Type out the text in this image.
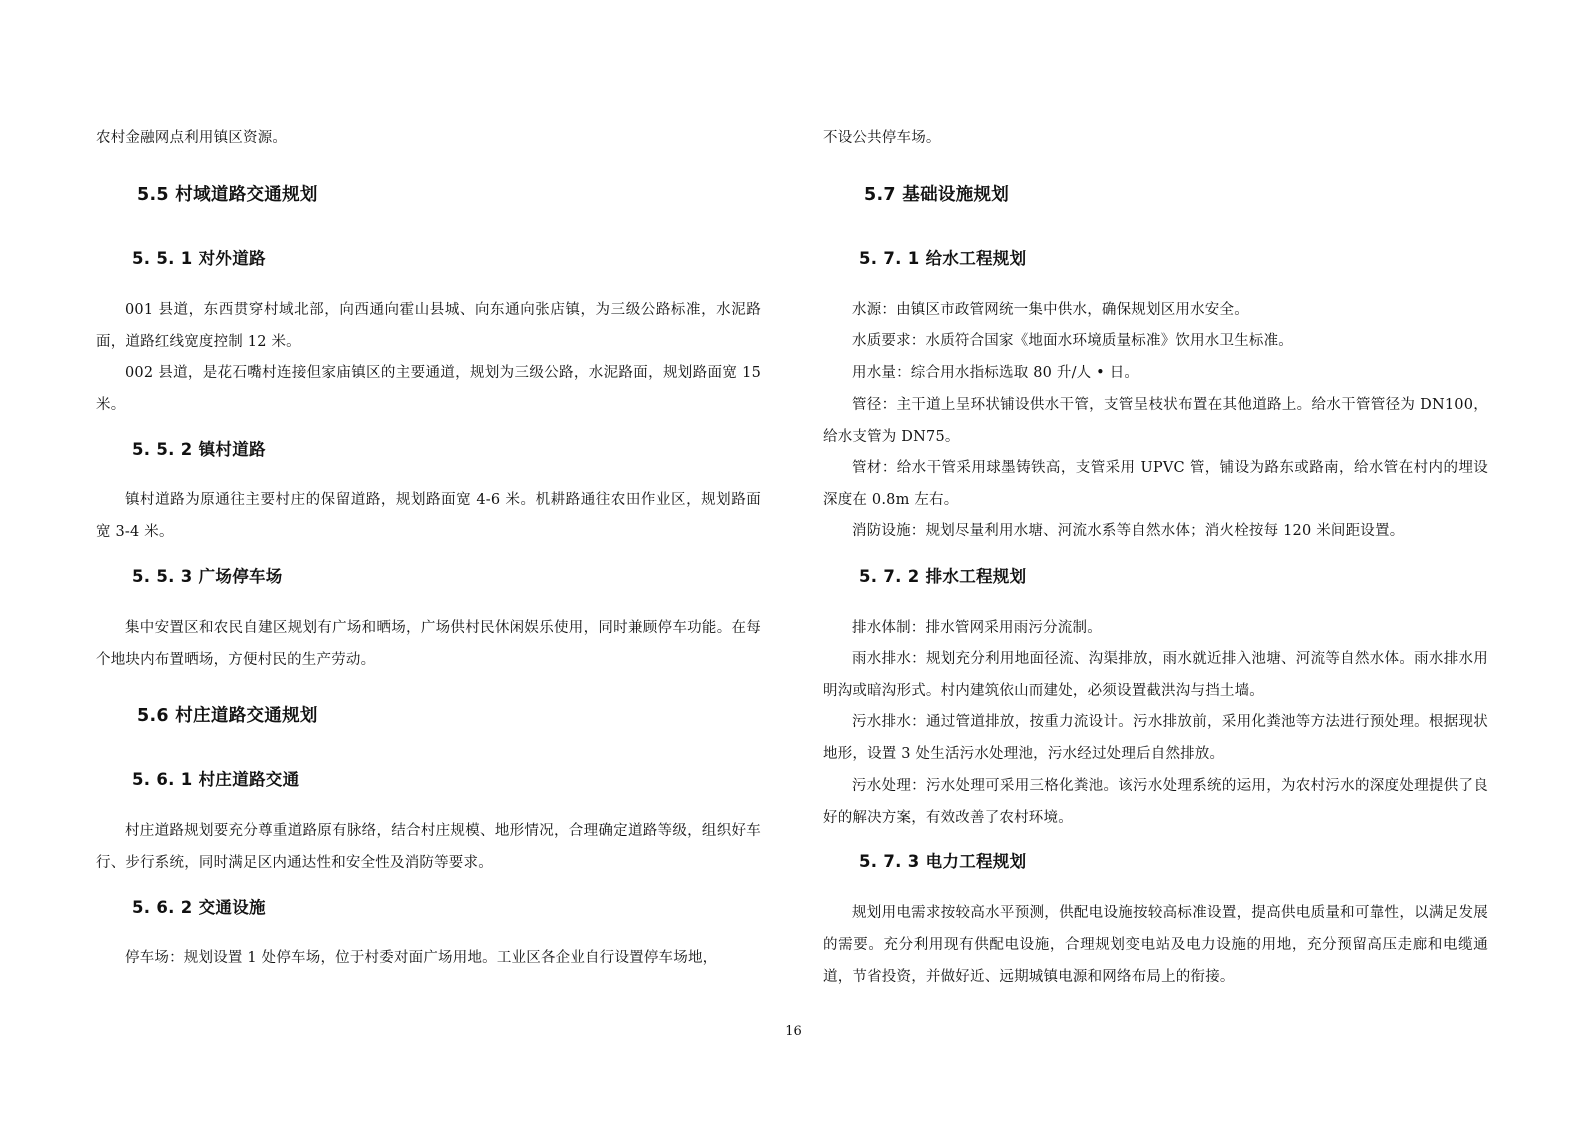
农村金融网点利用镇区资源。

5.5 村域道路交通规划
5. 5. 1 对外道路

001 县道，东西贯穿村域北部，向西通向霍山县城、向东通向张店镇，为三级公路标准，水泥路面，道路红线宽度控制 12 米。

002 县道，是花石嘴村连接但家庙镇区的主要通道，规划为三级公路，水泥路面，规划路面宽 15 米。

5. 5. 2 镇村道路

镇村道路为原通往主要村庄的保留道路，规划路面宽 4-6 米。机耕路通往农田作业区，规划路面宽 3-4 米。

5. 5. 3 广场停车场

集中安置区和农民自建区规划有广场和晒场，广场供村民休闲娱乐使用，同时兼顾停车功能。在每个地块内布置晒场，方便村民的生产劳动。

5.6 村庄道路交通规划
5. 6. 1 村庄道路交通

村庄道路规划要充分尊重道路原有脉络，结合村庄规模、地形情况，合理确定道路等级，组织好车行、步行系统，同时满足区内通达性和安全性及消防等要求。

5. 6. 2 交通设施

停车场：规划设置 1 处停车场，位于村委对面广场用地。工业区各企业自行设置停车场地，

不设公共停车场。

5.7 基础设施规划
5. 7. 1 给水工程规划

水源：由镇区市政管网统一集中供水，确保规划区用水安全。

水质要求：水质符合国家《地面水环境质量标准》饮用水卫生标准。

用水量：综合用水指标选取 80 升/人 • 日。

管径：主干道上呈环状铺设供水干管，支管呈枝状布置在其他道路上。给水干管管径为 DN100，给水支管为 DN75。

管材：给水干管采用球墨铸铁高，支管采用 UPVC 管，铺设为路东或路南，给水管在村内的埋设深度在 0.8m 左右。

消防设施：规划尽量利用水塘、河流水系等自然水体；消火栓按每 120 米间距设置。

5. 7. 2 排水工程规划

排水体制：排水管网采用雨污分流制。

雨水排水：规划充分利用地面径流、沟渠排放，雨水就近排入池塘、河流等自然水体。雨水排水用明沟或暗沟形式。村内建筑依山而建处，必须设置截洪沟与挡土墙。

污水排水：通过管道排放，按重力流设计。污水排放前，采用化粪池等方法进行预处理。根据现状地形，设置 3 处生活污水处理池，污水经过处理后自然排放。

污水处理：污水处理可采用三格化粪池。该污水处理系统的运用，为农村污水的深度处理提供了良好的解决方案，有效改善了农村环境。

5. 7. 3 电力工程规划

规划用电需求按较高水平预测，供配电设施按较高标准设置，提高供电质量和可靠性，以满足发展的需要。充分利用现有供配电设施，合理规划变电站及电力设施的用地，充分预留高压走廊和电缆通道，节省投资，并做好近、远期城镇电源和网络布局上的衔接。

16
